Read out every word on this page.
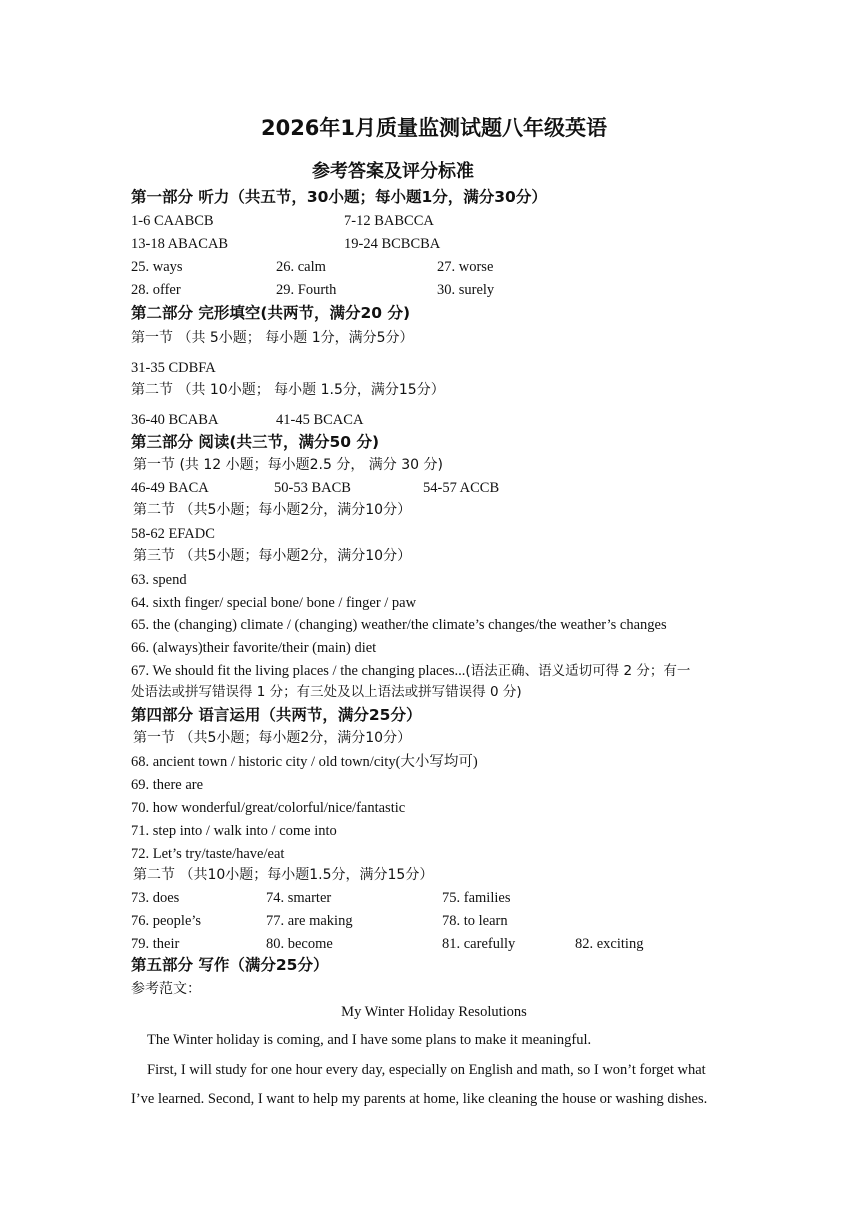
2026年1月质量监测试题八年级英语
参考答案及评分标准
第一部分 听力（共五节，30小题；每小题1分，满分30分）
1-6 CAABCB	7-12 BABCCA
13-18 ABACAB	19-24 BCBCBA
25. ways	26. calm	27. worse
28. offer	29. Fourth	30. surely
第二部分 完形填空(共两节，满分20 分)
第一节 （共 5小题； 每小题 1分，满分5分）
31-35 CDBFA
第二节 （共 10小题； 每小题 1.5分，满分15分）
36-40 BCABA	41-45 BCACA
第三部分 阅读(共三节，满分50 分)
第一节 (共 12 小题；每小题2.5 分， 满分 30 分)
46-49 BACA	50-53 BACB	54-57 ACCB
第二节 （共5小题；每小题2分，满分10分）
58-62 EFADC
第三节 （共5小题；每小题2分，满分10分）
63. spend
64. sixth finger/ special bone/ bone / finger / paw
65. the (changing) climate / (changing) weather/the climate’s changes/the weather’s changes
66. (always)their favorite/their (main) diet
67. We should fit the living places / the changing places...(语法正确、语义适切可得 2 分；有一
处语法或拼写错误得 1 分；有三处及以上语法或拼写错误得 0 分)
第四部分 语言运用（共两节，满分25分）
第一节 （共5小题；每小题2分，满分10分）
68. ancient town / historic city / old town/city(大小写均可)
69. there are
70. how wonderful/great/colorful/nice/fantastic
71. step into / walk into / come into
72. Let’s try/taste/have/eat
第二节 （共10小题；每小题1.5分，满分15分）
73. does	74. smarter	75. families
76. people’s	77. are making	78. to learn
79. their	80. become	81. carefully	82. exciting
第五部分 写作（满分25分）
参考范文：
My Winter Holiday Resolutions
The Winter holiday is coming, and I have some plans to make it meaningful.
First, I will study for one hour every day, especially on English and math, so I won’t forget what
I’ve learned. Second, I want to help my parents at home, like cleaning the house or washing dishes.
